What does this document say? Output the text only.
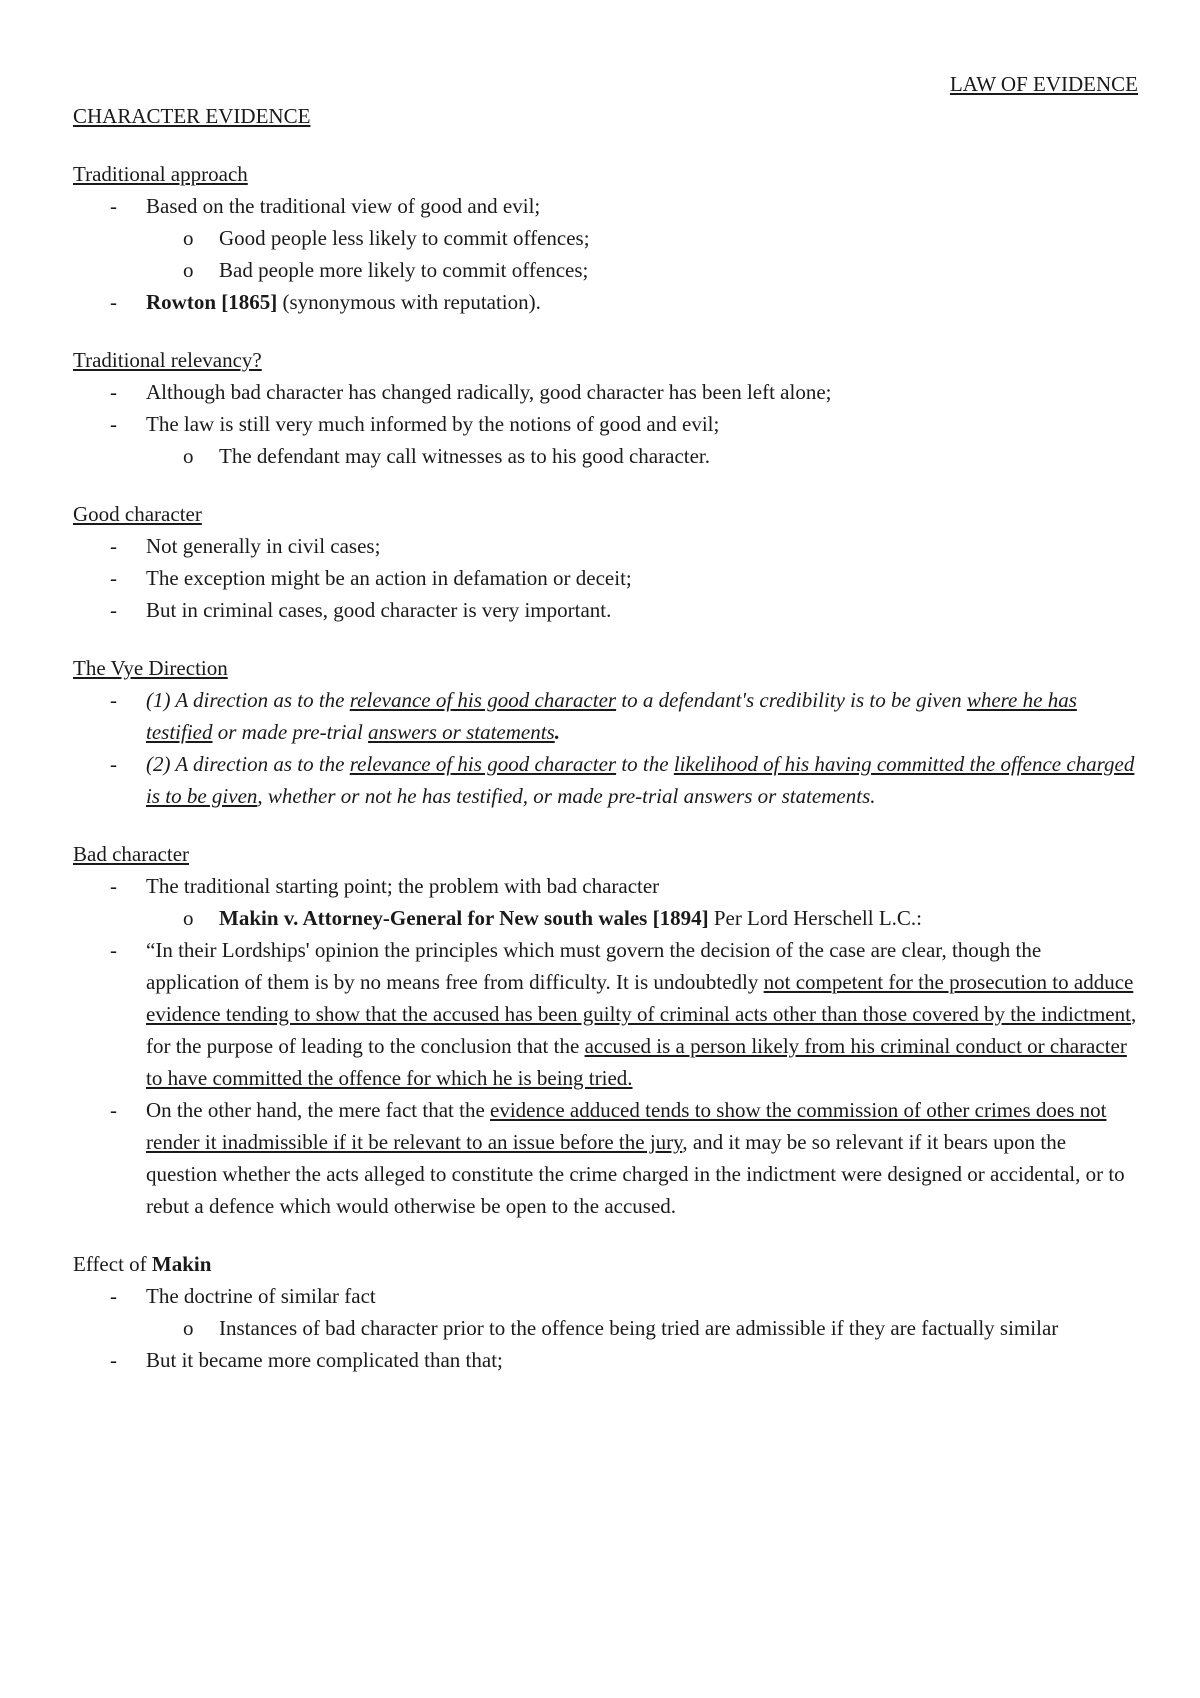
LAW OF EVIDENCE
CHARACTER EVIDENCE
Traditional approach
- Based on the traditional view of good and evil;
o Good people less likely to commit offences;
o Bad people more likely to commit offences;
- Rowton [1865] (synonymous with reputation).
Traditional relevancy?
- Although bad character has changed radically, good character has been left alone;
- The law is still very much informed by the notions of good and evil;
o The defendant may call witnesses as to his good character.
Good character
- Not generally in civil cases;
- The exception might be an action in defamation or deceit;
- But in criminal cases, good character is very important.
The Vye Direction
- (1) A direction as to the relevance of his good character to a defendant's credibility is to be given where he has testified or made pre-trial answers or statements.
- (2) A direction as to the relevance of his good character to the likelihood of his having committed the offence charged is to be given, whether or not he has testified, or made pre-trial answers or statements.
Bad character
- The traditional starting point; the problem with bad character
o Makin v. Attorney-General for New south wales [1894] Per Lord Herschell L.C.:
- “In their Lordships' opinion the principles which must govern the decision of the case are clear, though the application of them is by no means free from difficulty. It is undoubtedly not competent for the prosecution to adduce evidence tending to show that the accused has been guilty of criminal acts other than those covered by the indictment, for the purpose of leading to the conclusion that the accused is a person likely from his criminal conduct or character to have committed the offence for which he is being tried.
- On the other hand, the mere fact that the evidence adduced tends to show the commission of other crimes does not render it inadmissible if it be relevant to an issue before the jury, and it may be so relevant if it bears upon the question whether the acts alleged to constitute the crime charged in the indictment were designed or accidental, or to rebut a defence which would otherwise be open to the accused.
Effect of Makin
- The doctrine of similar fact
o Instances of bad character prior to the offence being tried are admissible if they are factually similar
- But it became more complicated than that;
